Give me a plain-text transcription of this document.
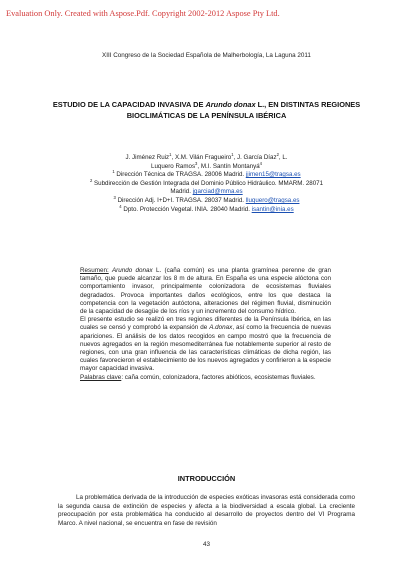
Evaluation Only. Created with Aspose.Pdf. Copyright 2002-2012 Aspose Pty Ltd.
XIII Congreso de la Sociedad Española de Malherbología, La Laguna 2011
ESTUDIO DE LA CAPACIDAD INVASIVA DE Arundo donax L., EN DISTINTAS REGIONES BIOCLIMÁTICAS DE LA PENÍNSULA IBÉRICA
J. Jiménez Ruiz$^1$, X.M. Vilán Fragueiro$^1$, J. García Díaz$^2$, L.
Luquero Ramos$^3$, M.I. Santín Montanyá$^4$
$^1$ Dirección Técnica de TRAGSA. 28006 Madrid. jjimen15@tragsa.es
$^2$ Subdirección de Gestión Integrada del Dominio Público Hidráulico. MMARM. 28071
Madrid. jgarciad@mma.es
$^3$ Dirección Adj. I+D+I. TRAGSA. 28037 Madrid. lluquero@tragsa.es
$^4$ Dpto. Protección Vegetal. INIA. 28040 Madrid. isantin@inia.es

Resumen: Arundo donax L. (caña común) es una planta gramínea perenne de gran tamaño, que puede alcanzar los 8 m de altura. En España es una especie alóctona con comportamiento invasor, principalmente colonizadora de ecosistemas fluviales degradados. Provoca importantes daños ecológicos, entre los que destaca la competencia con la vegetación autóctona, alteraciones del régimen fluvial, disminución de la capacidad de desagüe de los ríos y un incremento del consumo hídrico.

El presente estudio se realizó en tres regiones diferentes de la Península Ibérica, en las cuales se censó y comprobó la expansión de A.donax, así como la frecuencia de nuevas apariciones. El análisis de los datos recogidos en campo mostró que la frecuencia de nuevos agregados en la región mesomediterránea fue notablemente superior al resto de regiones, con una gran influencia de las características climáticas de dicha región, las cuales favorecieron el establecimiento de los nuevos agregados y confirieron a la especie mayor capacidad invasiva.

Palabras clave: caña común, colonizadora, factores abióticos, ecosistemas fluviales.

INTRODUCCIÓN

La problemática derivada de la introducción de especies exóticas invasoras está considerada como la segunda causa de extinción de especies y afecta a la biodiversidad a escala global. La creciente preocupación por esta problemática ha conducido al desarrollo de proyectos dentro del VI Programa Marco. A nivel nacional, se encuentra en fase de revisión

43
